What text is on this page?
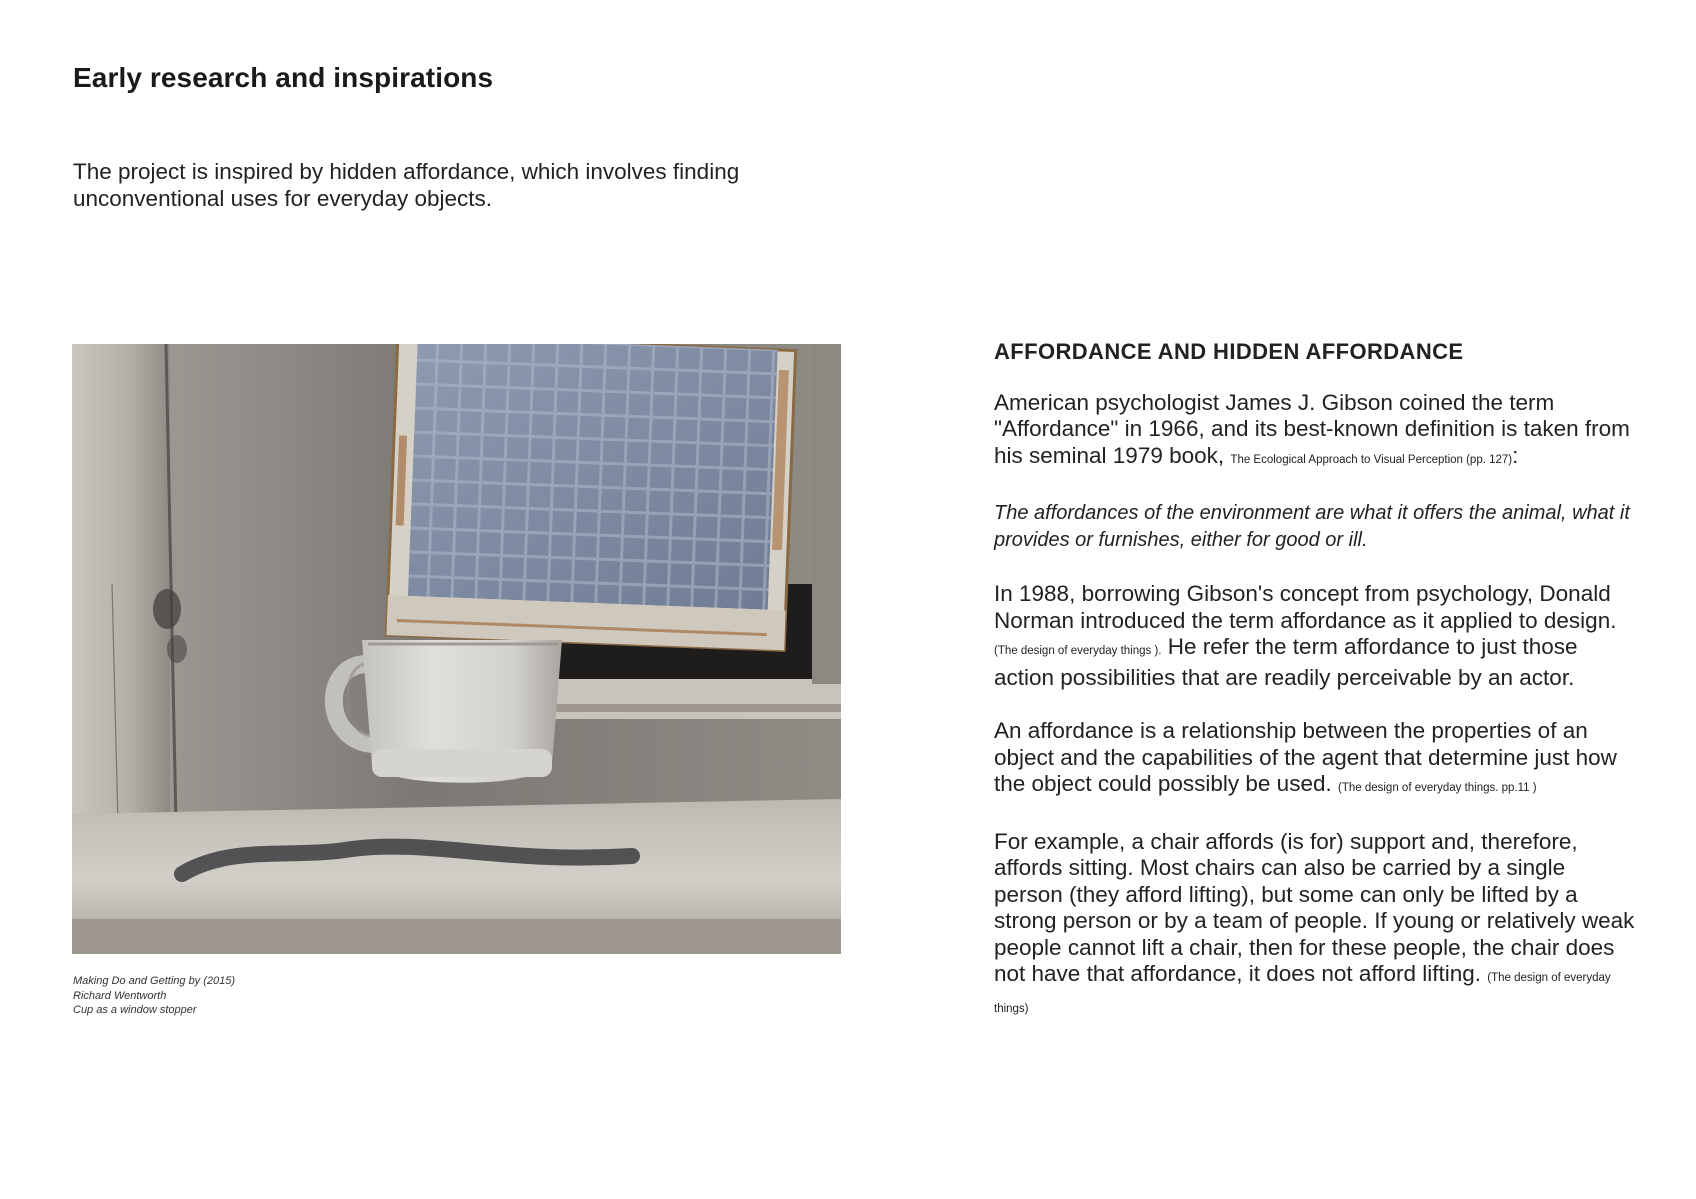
Early research and inspirations

The project is inspired by hidden affordance, which involves finding unconventional uses for everyday objects.

Making Do and Getting by (2015)
Richard Wentworth
Cup as a window stopper
AFFORDANCE AND HIDDEN AFFORDANCE

American psychologist James J. Gibson coined the term "Affordance" in 1966, and its best-known definition is taken from his seminal 1979 book, The Ecological Approach to Visual Perception (pp. 127):

The affordances of the environment are what it offers the animal, what it provides or furnishes, either for good or ill.

In 1988, borrowing Gibson's concept from psychology, Donald Norman introduced the term affordance as it applied to design. (The design of everyday things ). He refer the term affordance to just those action possibilities that are readily perceivable by an actor.

An affordance is a relationship between the properties of an object and the capabilities of the agent that determine just how the object could possibly be used. (The design of everyday things. pp.11 )

For example, a chair affords (is for) support and, therefore, affords sitting. Most chairs can also be carried by a single person (they afford lifting), but some can only be lifted by a strong person or by a team of people. If young or relatively weak people cannot lift a chair, then for these people, the chair does not have that affordance, it does not afford lifting. (The design of everyday things)
